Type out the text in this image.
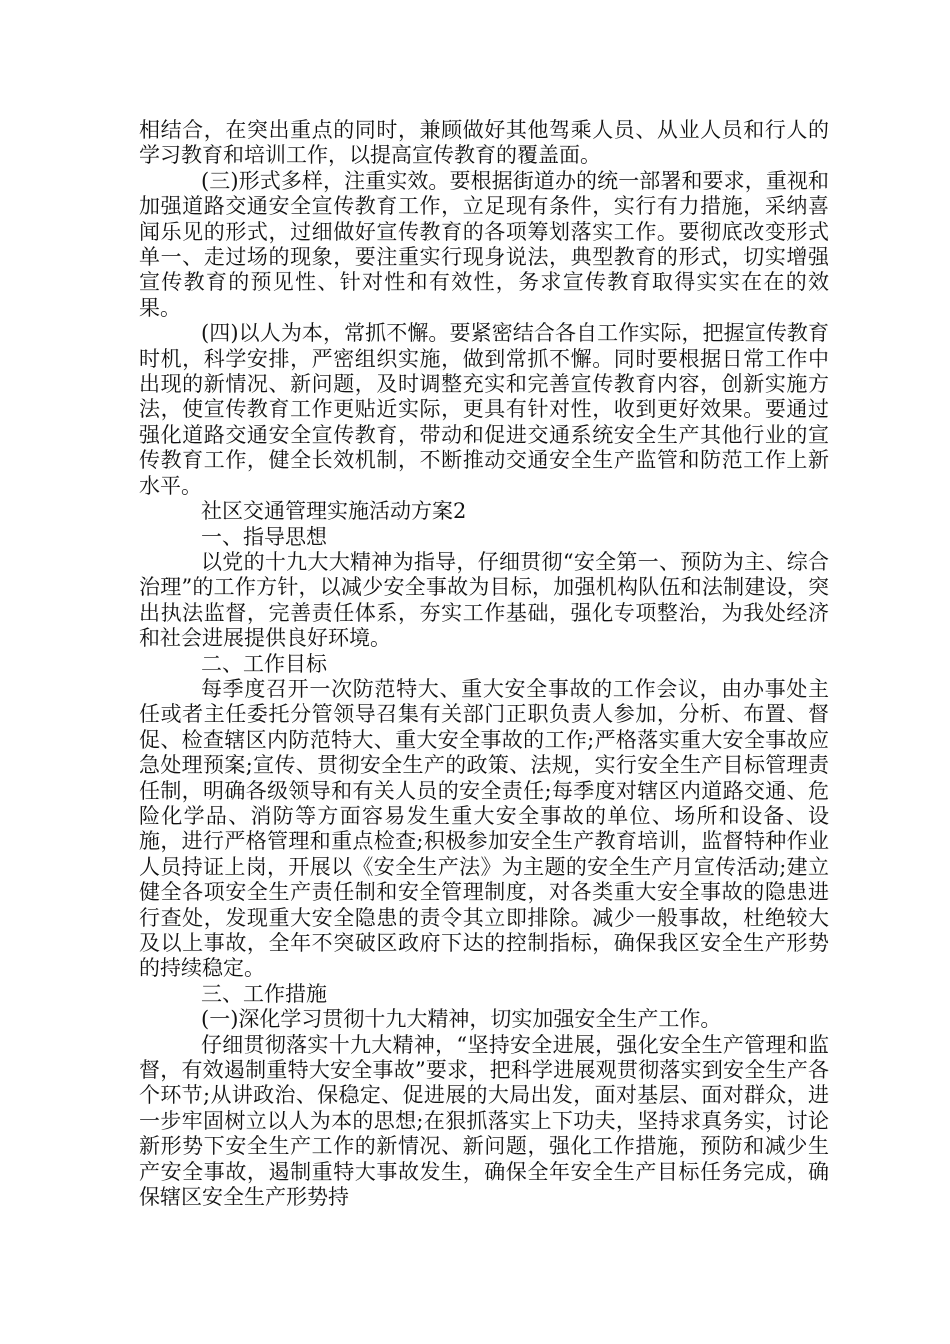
相结合，在突出重点的同时，兼顾做好其他驾乘人员、从业人员和行人的学习教育和培训工作，以提高宣传教育的覆盖面。

(三)形式多样，注重实效。要根据街道办的统一部署和要求，重视和加强道路交通安全宣传教育工作，立足现有条件，实行有力措施，采纳喜闻乐见的形式，过细做好宣传教育的各项筹划落实工作。要彻底改变形式单一、走过场的现象，要注重实行现身说法，典型教育的形式，切实增强宣传教育的预见性、针对性和有效性，务求宣传教育取得实实在在的效果。

(四)以人为本，常抓不懈。要紧密结合各自工作实际，把握宣传教育时机，科学安排，严密组织实施，做到常抓不懈。同时要根据日常工作中出现的新情况、新问题，及时调整充实和完善宣传教育内容，创新实施方法，使宣传教育工作更贴近实际，更具有针对性，收到更好效果。要通过强化道路交通安全宣传教育，带动和促进交通系统安全生产其他行业的宣传教育工作，健全长效机制，不断推动交通安全生产监管和防范工作上新水平。

社区交通管理实施活动方案2

一、指导思想

以党的十九大大精神为指导，仔细贯彻“安全第一、预防为主、综合治理”的工作方针，以减少安全事故为目标，加强机构队伍和法制建设，突出执法监督，完善责任体系，夯实工作基础，强化专项整治，为我处经济和社会进展提供良好环境。

二、工作目标

每季度召开一次防范特大、重大安全事故的工作会议，由办事处主任或者主任委托分管领导召集有关部门正职负责人参加，分析、布置、督促、检查辖区内防范特大、重大安全事故的工作;严格落实重大安全事故应急处理预案;宣传、贯彻安全生产的政策、法规，实行安全生产目标管理责任制，明确各级领导和有关人员的安全责任;每季度对辖区内道路交通、危险化学品、消防等方面容易发生重大安全事故的单位、场所和设备、设施，进行严格管理和重点检查;积极参加安全生产教育培训，监督特种作业人员持证上岗，开展以《安全生产法》为主题的安全生产月宣传活动;建立健全各项安全生产责任制和安全管理制度，对各类重大安全事故的隐患进行查处，发现重大安全隐患的责令其立即排除。减少一般事故，杜绝较大及以上事故，全年不突破区政府下达的控制指标，确保我区安全生产形势的持续稳定。

三、工作措施

(一)深化学习贯彻十九大精神，切实加强安全生产工作。

仔细贯彻落实十九大精神，“坚持安全进展，强化安全生产管理和监督，有效遏制重特大安全事故”要求，把科学进展观贯彻落实到安全生产各个环节;从讲政治、保稳定、促进展的大局出发，面对基层、面对群众，进一步牢固树立以人为本的思想;在狠抓落实上下功夫，坚持求真务实，讨论新形势下安全生产工作的新情况、新问题，强化工作措施，预防和减少生产安全事故，遏制重特大事故发生，确保全年安全生产目标任务完成，确保辖区安全生产形势持
